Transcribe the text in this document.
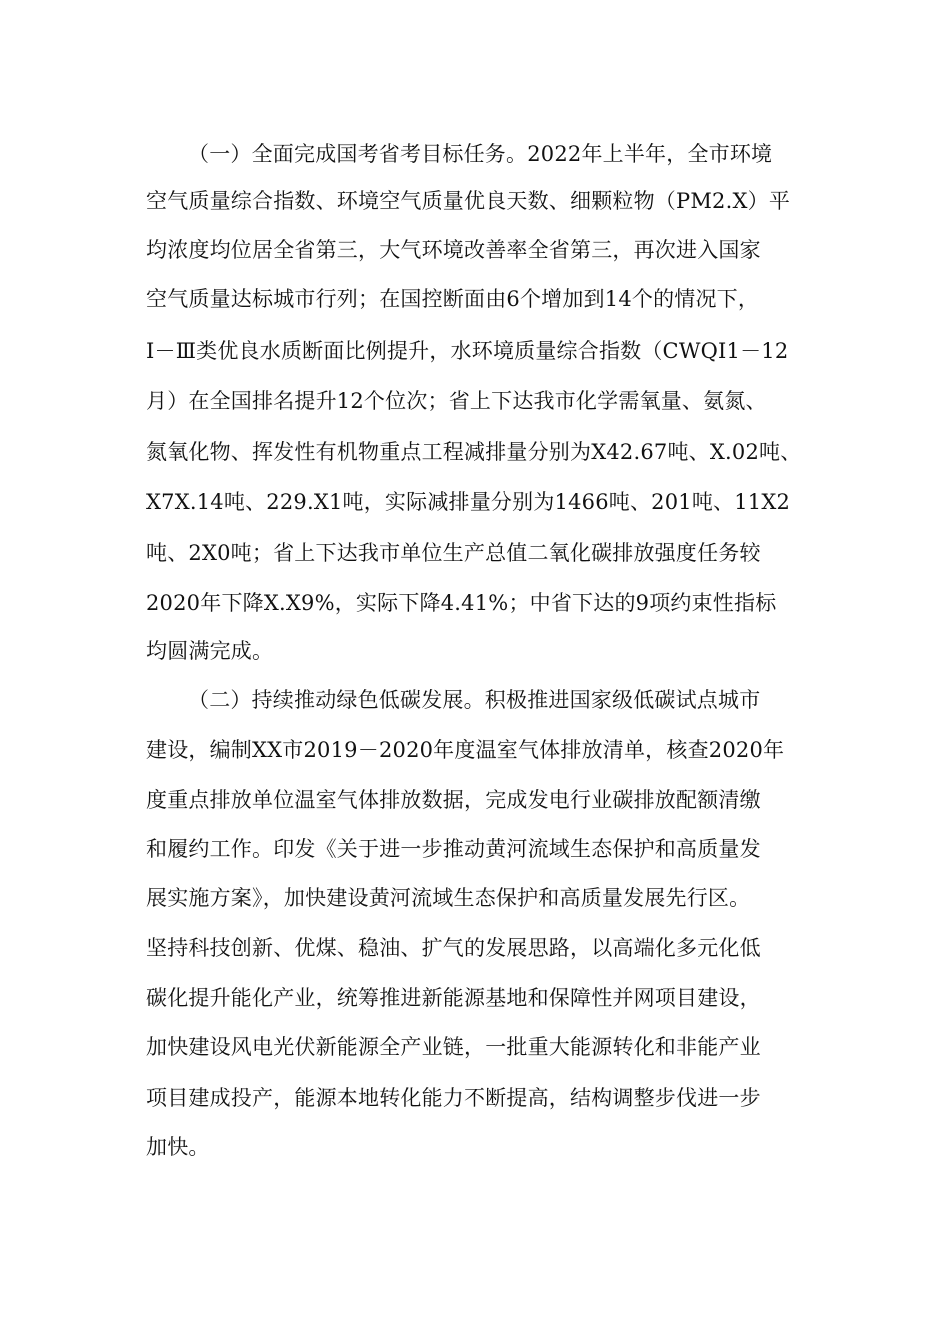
（一）全面完成国考省考目标任务。2022年上半年，全市环境
空气质量综合指数、环境空气质量优良天数、细颗粒物（PM2.X）平
均浓度均位居全省第三，大气环境改善率全省第三，再次进入国家
空气质量达标城市行列；在国控断面由6个增加到14个的情况下，
Ⅰ－Ⅲ类优良水质断面比例提升，水环境质量综合指数（CWQI1－12
月）在全国排名提升12个位次；省上下达我市化学需氧量、氨氮、
氮氧化物、挥发性有机物重点工程减排量分别为X42.67吨、X.02吨、
X7X.14吨、229.X1吨，实际减排量分别为1466吨、201吨、11X2
吨、2X0吨；省上下达我市单位生产总值二氧化碳排放强度任务较
2020年下降X.X9%，实际下降4.41%；中省下达的9项约束性指标
均圆满完成。
（二）持续推动绿色低碳发展。积极推进国家级低碳试点城市
建设，编制XX市2019－2020年度温室气体排放清单，核查2020年
度重点排放单位温室气体排放数据，完成发电行业碳排放配额清缴
和履约工作。印发《关于进一步推动黄河流域生态保护和高质量发
展实施方案》，加快建设黄河流域生态保护和高质量发展先行区。
坚持科技创新、优煤、稳油、扩气的发展思路，以高端化多元化低
碳化提升能化产业，统筹推进新能源基地和保障性并网项目建设，
加快建设风电光伏新能源全产业链，一批重大能源转化和非能产业
项目建成投产，能源本地转化能力不断提高，结构调整步伐进一步
加快。
